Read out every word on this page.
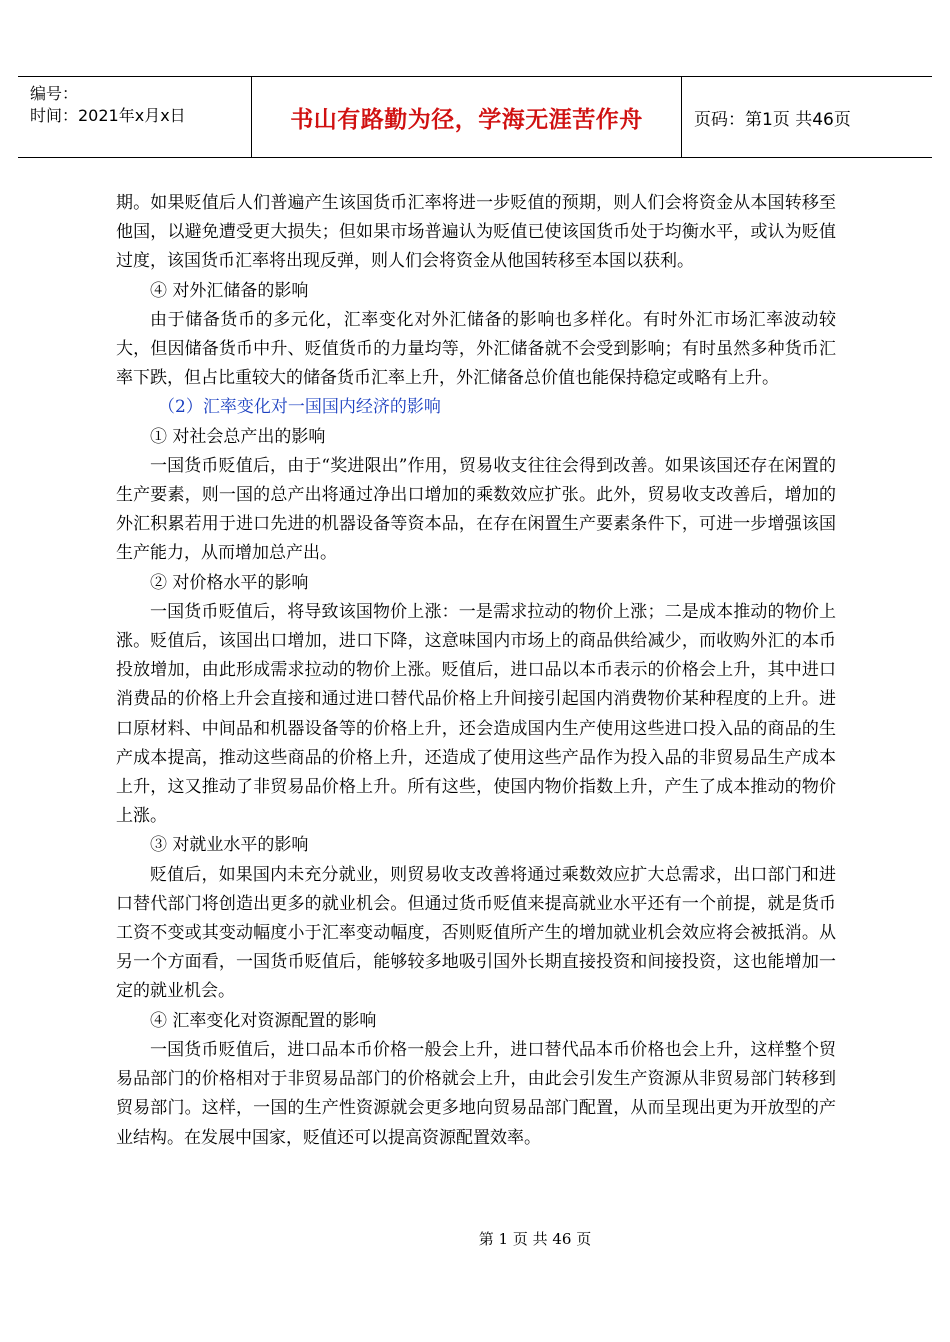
编号：
时间：2021年x月x日	书山有路勤为径，学海无涯苦作舟	页码：第1页 共46页

期。如果贬值后人们普遍产生该国货币汇率将进一步贬值的预期，则人们会将资金从本国转移至他国，以避免遭受更大损失；但如果市场普遍认为贬值已使该国货币处于均衡水平，或认为贬值过度，该国货币汇率将出现反弹，则人们会将资金从他国转移至本国以获利。

④ 对外汇储备的影响

由于储备货币的多元化，汇率变化对外汇储备的影响也多样化。有时外汇市场汇率波动较大，但因储备货币中升、贬值货币的力量均等，外汇储备就不会受到影响；有时虽然多种货币汇率下跌，但占比重较大的储备货币汇率上升，外汇储备总价值也能保持稳定或略有上升。

（2）汇率变化对一国国内经济的影响

① 对社会总产出的影响

一国货币贬值后，由于“奖进限出”作用，贸易收支往往会得到改善。如果该国还存在闲置的生产要素，则一国的总产出将通过净出口增加的乘数效应扩张。此外，贸易收支改善后，增加的外汇积累若用于进口先进的机器设备等资本品，在存在闲置生产要素条件下，可进一步增强该国生产能力，从而增加总产出。

② 对价格水平的影响

一国货币贬值后，将导致该国物价上涨：一是需求拉动的物价上涨；二是成本推动的物价上涨。贬值后，该国出口增加，进口下降，这意味国内市场上的商品供给减少，而收购外汇的本币投放增加，由此形成需求拉动的物价上涨。贬值后，进口品以本币表示的价格会上升，其中进口消费品的价格上升会直接和通过进口替代品价格上升间接引起国内消费物价某种程度的上升。进口原材料、中间品和机器设备等的价格上升，还会造成国内生产使用这些进口投入品的商品的生产成本提高，推动这些商品的价格上升，还造成了使用这些产品作为投入品的非贸易品生产成本上升，这又推动了非贸易品价格上升。所有这些，使国内物价指数上升，产生了成本推动的物价上涨。

③ 对就业水平的影响

贬值后，如果国内未充分就业，则贸易收支改善将通过乘数效应扩大总需求，出口部门和进口替代部门将创造出更多的就业机会。但通过货币贬值来提高就业水平还有一个前提，就是货币工资不变或其变动幅度小于汇率变动幅度，否则贬值所产生的增加就业机会效应将会被抵消。从另一个方面看，一国货币贬值后，能够较多地吸引国外长期直接投资和间接投资，这也能增加一定的就业机会。

④ 汇率变化对资源配置的影响

一国货币贬值后，进口品本币价格一般会上升，进口替代品本币价格也会上升，这样整个贸易品部门的价格相对于非贸易品部门的价格就会上升，由此会引发生产资源从非贸易部门转移到贸易部门。这样，一国的生产性资源就会更多地向贸易品部门配置，从而呈现出更为开放型的产业结构。在发展中国家，贬值还可以提高资源配置效率。

第 1 页 共 46 页
